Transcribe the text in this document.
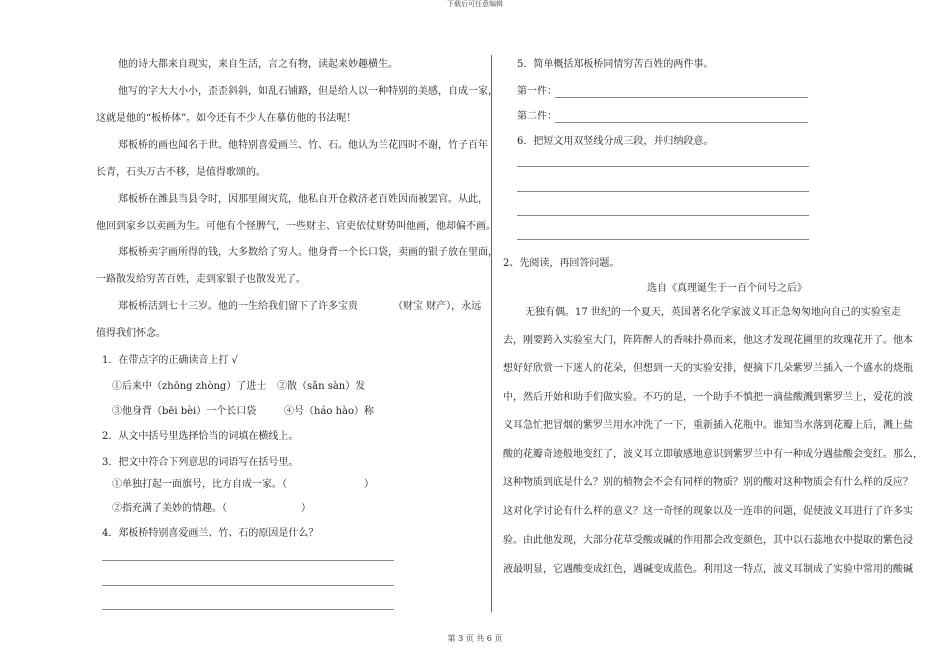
下载后可任意编辑

他的诗大都来自现实，来自生活，言之有物，读起来妙趣横生。

他写的字大大小小，歪歪斜斜，如乱石铺路，但是给人以一种特别的美感，自成一家，

这就是他的“板桥体”。如今还有不少人在摹仿他的书法呢！

郑板桥的画也闻名于世。他特别喜爱画兰、竹、石。他认为兰花四时不谢，竹子百年

长青，石头万古不移，是值得歌颂的。

郑板桥在潍县当县令时，因那里闹灾荒，他私自开仓救济老百姓因而被罢官。从此，

他回到家乡以卖画为生。可他有个怪脾气，一些财主、官吏依仗财势叫他画，他却偏不画。

郑板桥卖字画所得的钱，大多数给了穷人。他身背一个长口袋，卖画的银子放在里面，

一路散发给穷苦百姓，走到家银子也散发光了。

郑板桥活到七十三岁。他的一生给我们留下了许多宝贵	（财宝 财产），永远

值得我们怀念。

1．在带点字的正确读音上打 √

①后来中（zhōng zhòng）了进士 ②散（sǎn sàn）发

③他身背（bēi bèi）一个长口袋	④号（háo hào）称

2．从文中括号里选择恰当的词填在横线上。

3．把文中符合下列意思的词语写在括号里。

①单独打起一面旗号，比方自成一家。（	）

②指充满了美妙的情趣。（	）

4．郑板桥特别喜爱画兰、竹、石的原因是什么？

5．简单概括郑板桥同情穷苦百姓的两件事。

第一件：

第二件：

6．把短文用双竖线分成三段，并归纳段意。

2、先阅读，再回答问题。

选自《真理诞生于一百个问号之后》

无独有偶。17 世纪的一个夏天，英国著名化学家波义耳正急匆匆地向自己的实验室走

去，刚要跨入实验室大门，阵阵醉人的香味扑鼻而来，他这才发现花圃里的玫瑰花开了。他本

想好好欣赏一下迷人的花朵，但想到一天的实验安排，便摘下几朵紫罗兰插入一个盛水的烧瓶

中，然后开始和助手们做实验。不巧的是，一个助手不慎把一滴盐酸溅到紫罗兰上，爱花的波

义耳急忙把冒烟的紫罗兰用水冲洗了一下，重新插入花瓶中。谁知当水落到花瓣上后，溅上盐

酸的花瓣奇迹般地变红了，波义耳立即敏感地意识到紫罗兰中有一种成分遇盐酸会变红。那么，

这种物质到底是什么？别的植物会不会有同样的物质？别的酸对这种物质会有什么样的反应？

这对化学讨论有什么样的意义？这一奇怪的现象以及一连串的问题，促使波义耳进行了许多实

验。由此他发现，大部分花草受酸或碱的作用都会改变颜色，其中以石蕊地衣中提取的紫色浸

液最明显，它遇酸变成红色，遇碱变成蓝色。利用这一特点，波义耳制成了实验中常用的酸碱

第 3 页 共 6 页
